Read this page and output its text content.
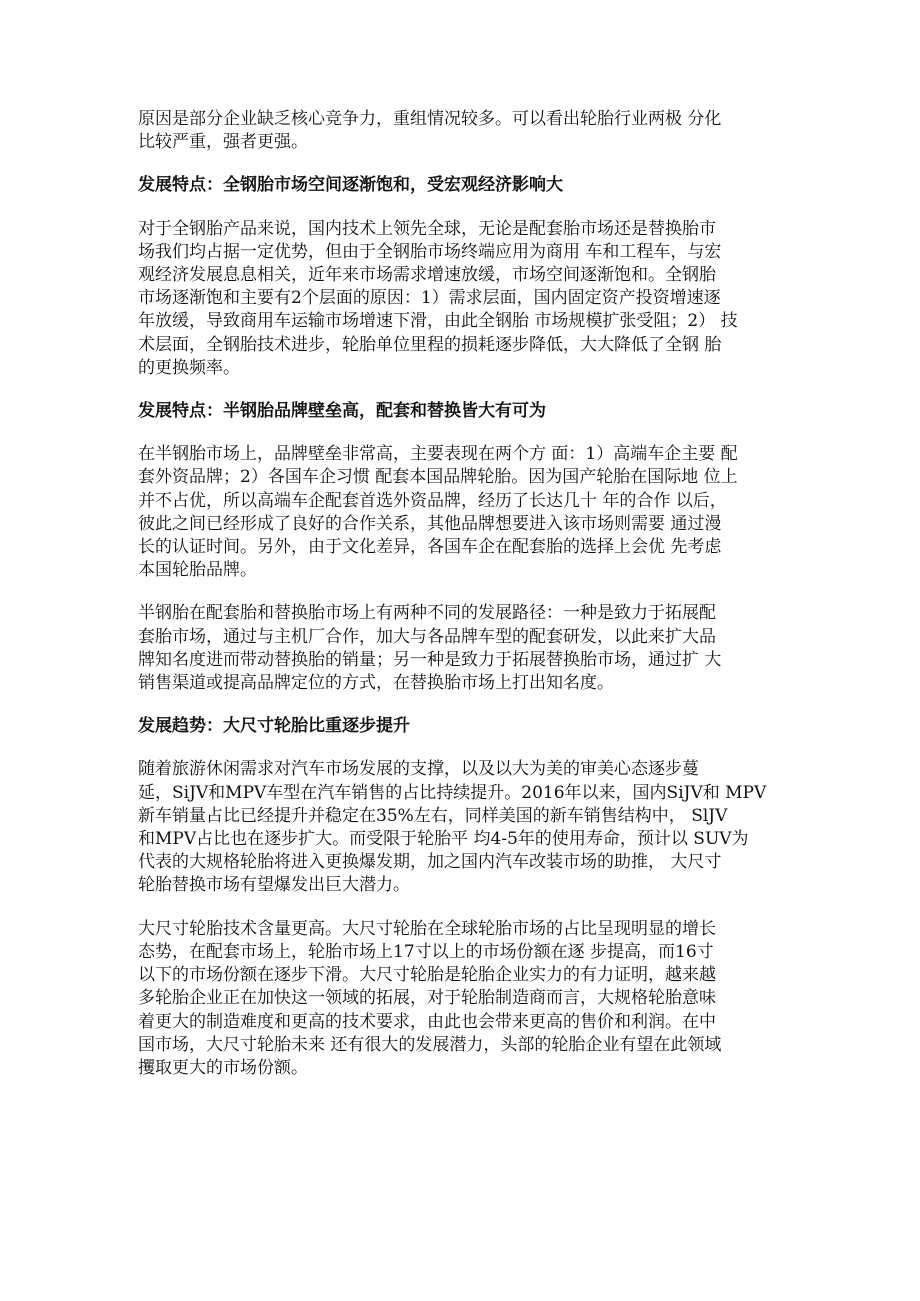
原因是部分企业缺乏核心竞争力，重组情况较多。可以看出轮胎行业两极 分化
比较严重，强者更强。

发展特点：全钢胎市场空间逐渐饱和，受宏观经济影响大

对于全钢胎产品来说，国内技术上领先全球，无论是配套胎市场还是替换胎市
场我们均占据一定优势，但由于全钢胎市场终端应用为商用 车和工程车，与宏
观经济发展息息相关，近年来市场需求增速放缓，市场空间逐渐饱和。全钢胎
市场逐渐饱和主要有2个层面的原因：1）需求层面，国内固定资产投资增速逐
年放缓，导致商用车运输市场增速下滑，由此全钢胎 市场规模扩张受阻；2） 技
术层面，全钢胎技术进步，轮胎单位里程的损耗逐步降低，大大降低了全钢 胎
的更换频率。

发展特点：半钢胎品牌壁垒高，配套和替换皆大有可为

在半钢胎市场上，品牌壁垒非常高，主要表现在两个方 面：1）高端车企主要 配
套外资品牌；2）各国车企习惯 配套本国品牌轮胎。因为国产轮胎在国际地 位上
并不占优，所以高端车企配套首选外资品牌，经历了长达几十 年的合作 以后，
彼此之间已经形成了良好的合作关系，其他品牌想要进入该市场则需要 通过漫
长的认证时间。另外，由于文化差异，各国车企在配套胎的选择上会优 先考虑
本国轮胎品牌。

半钢胎在配套胎和替换胎市场上有两种不同的发展路径：一种是致力于拓展配
套胎市场，通过与主机厂合作，加大与各品牌车型的配套研发，以此来扩大品
牌知名度进而带动替换胎的销量；另一种是致力于拓展替换胎市场，通过扩 大
销售渠道或提高品牌定位的方式，在替换胎市场上打出知名度。

发展趋势：大尺寸轮胎比重逐步提升

随着旅游休闲需求对汽车市场发展的支撑，以及以大为美的审美心态逐步蔓
延，SiJV和MPV车型在汽车销售的占比持续提升。2016年以来，国内SiJV和 MPV
新车销量占比已经提升并稳定在35%左右，同样美国的新车销售结构中， SlJV
和MPV占比也在逐步扩大。而受限于轮胎平 均4-5年的使用寿命，预计以 SUV为
代表的大规格轮胎将进入更换爆发期，加之国内汽车改装市场的助推， 大尺寸
轮胎替换市场有望爆发出巨大潜力。

大尺寸轮胎技术含量更高。大尺寸轮胎在全球轮胎市场的占比呈现明显的增长
态势，在配套市场上，轮胎市场上17寸以上的市场份额在逐 步提高，而16寸
以下的市场份额在逐步下滑。大尺寸轮胎是轮胎企业实力的有力证明，越来越
多轮胎企业正在加快这一领域的拓展，对于轮胎制造商而言，大规格轮胎意味
着更大的制造难度和更高的技术要求，由此也会带来更高的售价和利润。在中
国市场，大尺寸轮胎未来 还有很大的发展潜力，头部的轮胎企业有望在此领域
攫取更大的市场份额。
